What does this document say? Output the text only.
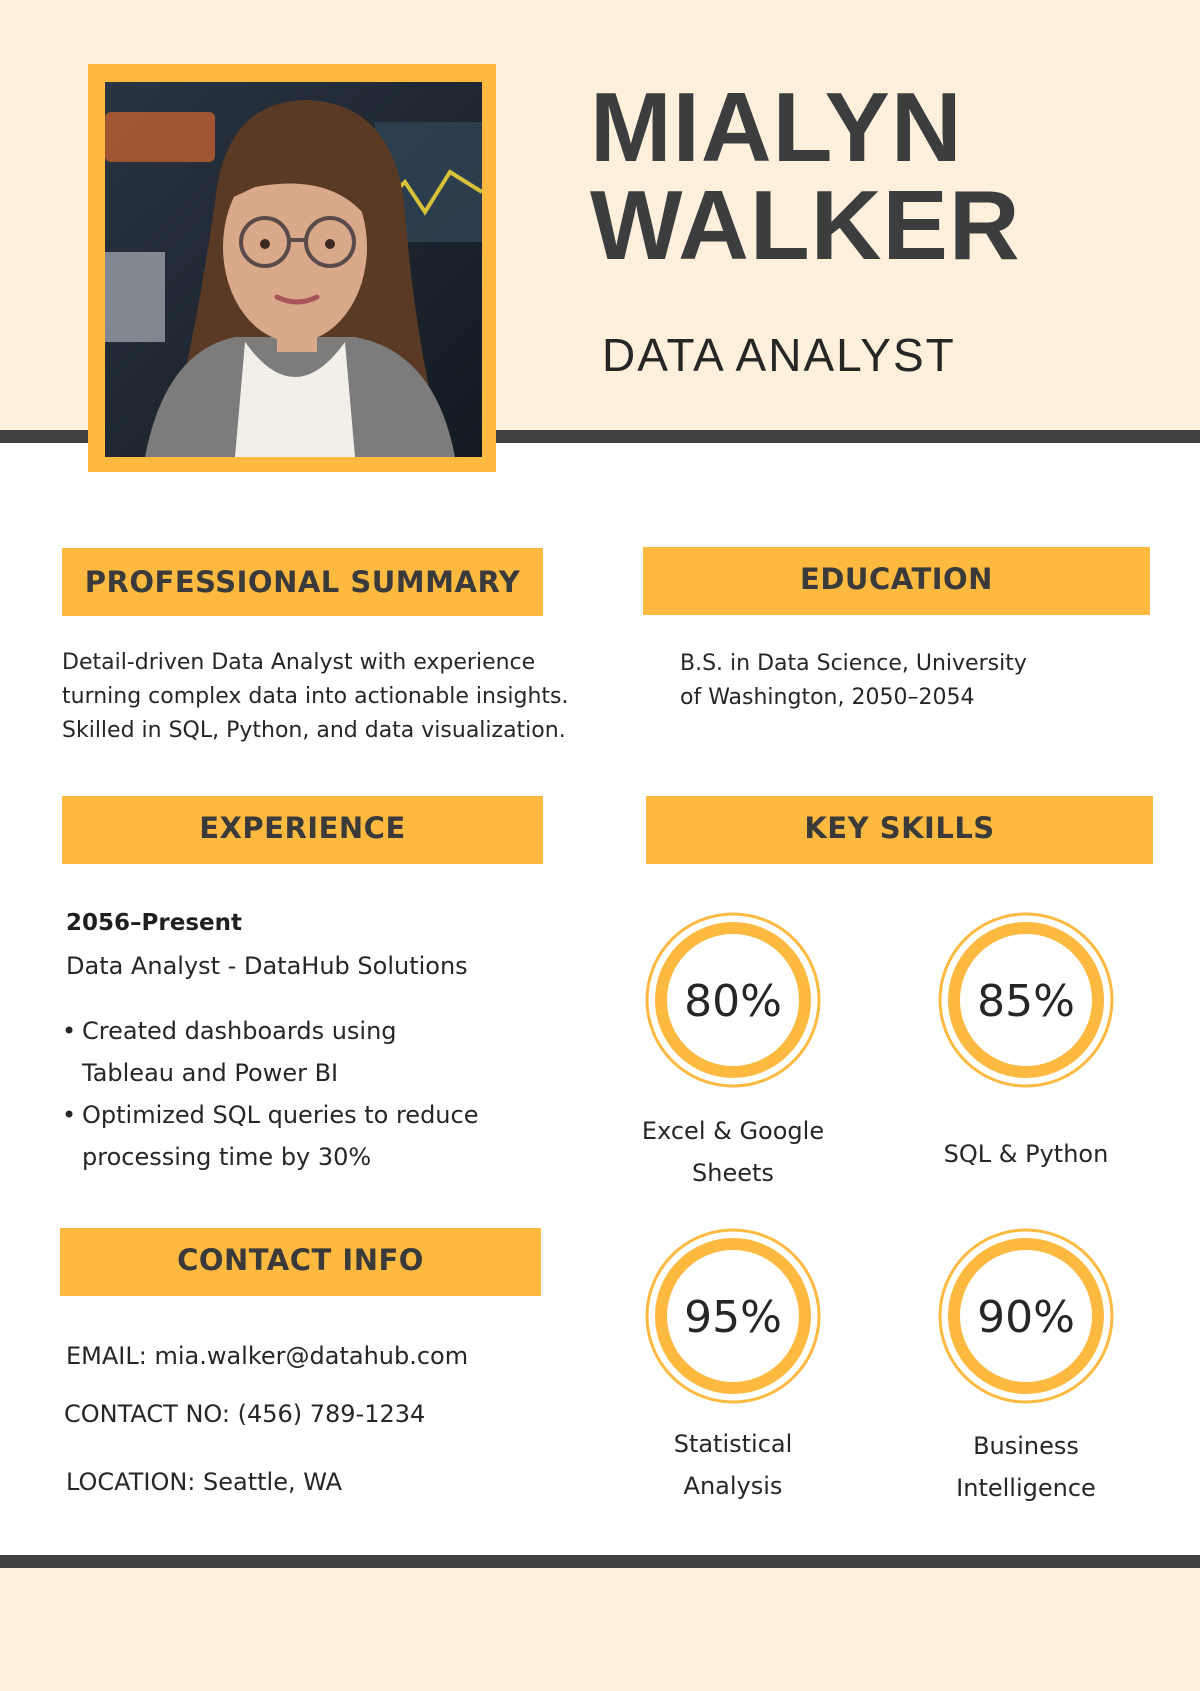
MIALYN
WALKER
DATA ANALYST
PROFESSIONAL SUMMARY
Detail-driven Data Analyst with experience
turning complex data into actionable insights.
Skilled in SQL, Python, and data visualization.
EDUCATION
B.S. in Data Science, University
of Washington, 2050–2054
EXPERIENCE
2056–Present
Data Analyst - DataHub Solutions
• Created dashboards using Tableau and Power BI
• Optimized SQL queries to reduce processing time by 30%
CONTACT INFO
EMAIL: mia.walker@datahub.com
CONTACT NO: (456) 789-1234
LOCATION: Seattle, WA
KEY SKILLS
80%	85%
95%	90%
Excel & Google
Sheets
SQL & Python
Statistical
Analysis
Business
Intelligence
